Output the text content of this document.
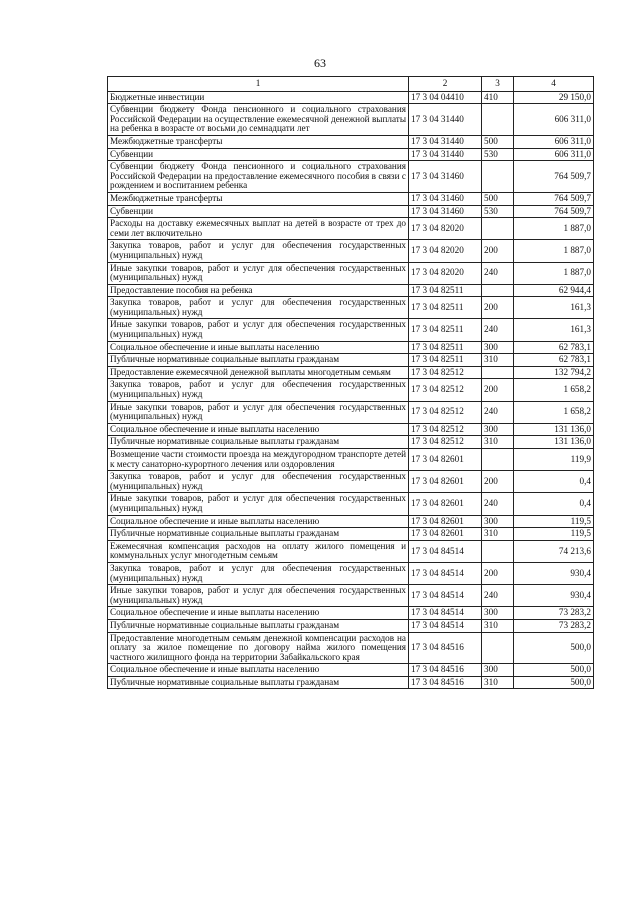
63
1	2	3	4
Бюджетные инвестиции	17 3 04 04410	410	29 150,0
Субвенции бюджету Фонда пенсионного и социального страхования Российской Федерации на осуществление ежемесячной денежной выплаты на ребенка в возрасте от восьми до семнадцати лет	17 3 04 31440		606 311,0
Межбюджетные трансферты	17 3 04 31440	500	606 311,0
Субвенции	17 3 04 31440	530	606 311,0
Субвенции бюджету Фонда пенсионного и социального страхования Российской Федерации на предоставление ежемесячного пособия в связи с рождением и воспитанием ребенка	17 3 04 31460		764 509,7
Межбюджетные трансферты	17 3 04 31460	500	764 509,7
Субвенции	17 3 04 31460	530	764 509,7
Расходы на доставку ежемесячных выплат на детей в возрасте от трех до семи лет включительно	17 3 04 82020		1 887,0
Закупка товаров, работ и услуг для обеспечения государственных (муниципальных) нужд	17 3 04 82020	200	1 887,0
Иные закупки товаров, работ и услуг для обеспечения государственных (муниципальных) нужд	17 3 04 82020	240	1 887,0
Предоставление пособия на ребенка	17 3 04 82511		62 944,4
Закупка товаров, работ и услуг для обеспечения государственных (муниципальных) нужд	17 3 04 82511	200	161,3
Иные закупки товаров, работ и услуг для обеспечения государственных (муниципальных) нужд	17 3 04 82511	240	161,3
Социальное обеспечение и иные выплаты населению	17 3 04 82511	300	62 783,1
Публичные нормативные социальные выплаты гражданам	17 3 04 82511	310	62 783,1
Предоставление ежемесячной денежной выплаты многодетным семьям	17 3 04 82512		132 794,2
Закупка товаров, работ и услуг для обеспечения государственных (муниципальных) нужд	17 3 04 82512	200	1 658,2
Иные закупки товаров, работ и услуг для обеспечения государственных (муниципальных) нужд	17 3 04 82512	240	1 658,2
Социальное обеспечение и иные выплаты населению	17 3 04 82512	300	131 136,0
Публичные нормативные социальные выплаты гражданам	17 3 04 82512	310	131 136,0
Возмещение части стоимости проезда на междугородном транспорте детей к месту санаторно-курортного лечения или оздоровления	17 3 04 82601		119,9
Закупка товаров, работ и услуг для обеспечения государственных (муниципальных) нужд	17 3 04 82601	200	0,4
Иные закупки товаров, работ и услуг для обеспечения государственных (муниципальных) нужд	17 3 04 82601	240	0,4
Социальное обеспечение и иные выплаты населению	17 3 04 82601	300	119,5
Публичные нормативные социальные выплаты гражданам	17 3 04 82601	310	119,5
Ежемесячная компенсация расходов на оплату жилого помещения и коммунальных услуг многодетным семьям	17 3 04 84514		74 213,6
Закупка товаров, работ и услуг для обеспечения государственных (муниципальных) нужд	17 3 04 84514	200	930,4
Иные закупки товаров, работ и услуг для обеспечения государственных (муниципальных) нужд	17 3 04 84514	240	930,4
Социальное обеспечение и иные выплаты населению	17 3 04 84514	300	73 283,2
Публичные нормативные социальные выплаты гражданам	17 3 04 84514	310	73 283,2
Предоставление многодетным семьям денежной компенсации расходов на оплату за жилое помещение по договору найма жилого помещения частного жилищного фонда на территории Забайкальского края	17 3 04 84516		500,0
Социальное обеспечение и иные выплаты населению	17 3 04 84516	300	500,0
Публичные нормативные социальные выплаты гражданам	17 3 04 84516	310	500,0
